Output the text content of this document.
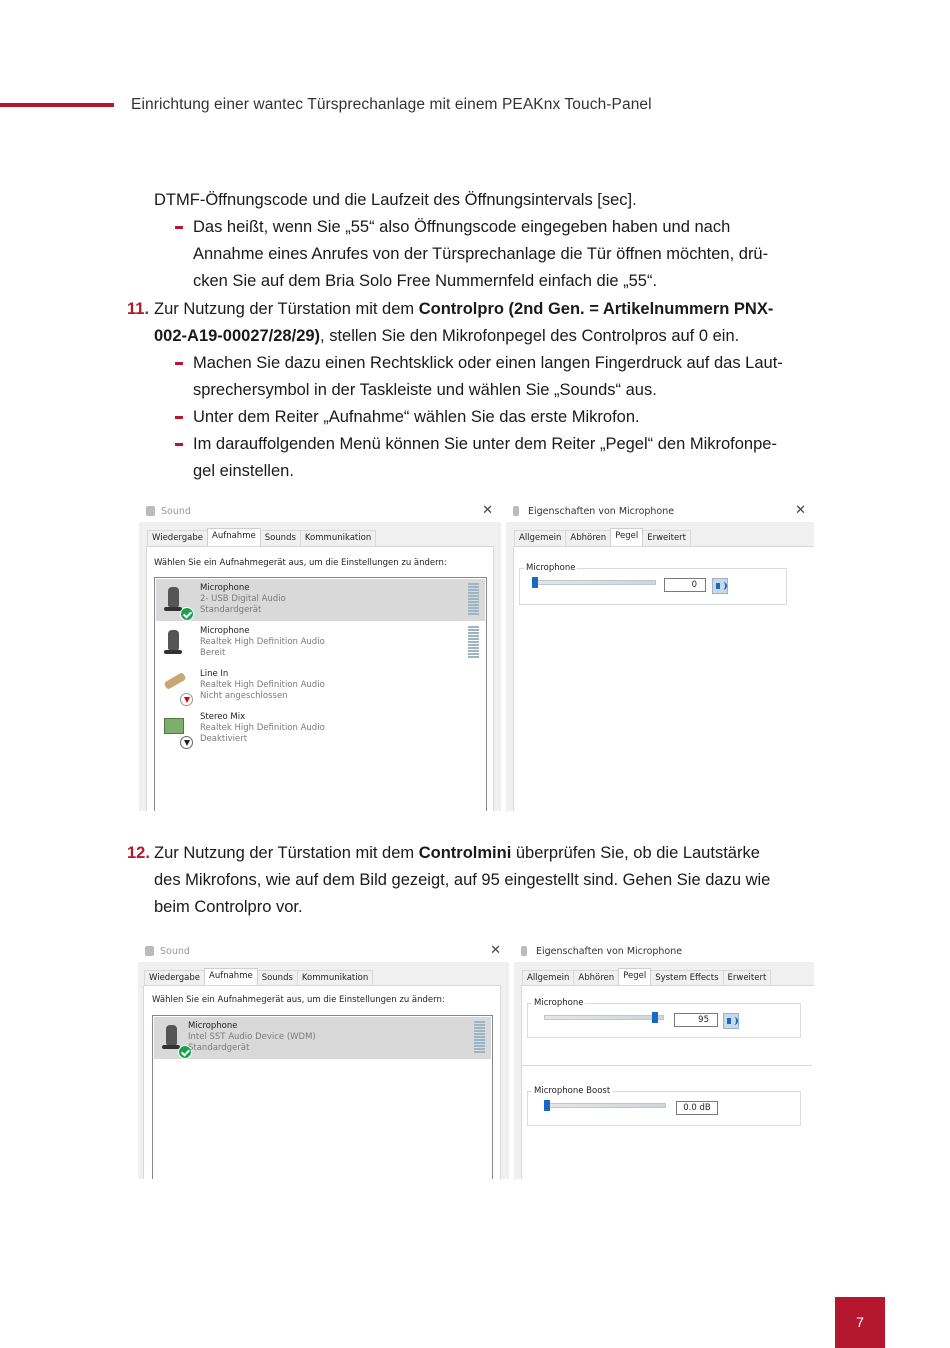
Einrichtung einer wantec Türsprechanlage mit einem PEAKnx Touch-Panel
DTMF-Öffnungscode und die Laufzeit des Öffnungsintervals [sec].
Das heißt, wenn Sie „55“ also Öffnungscode eingegeben haben und nach
Annahme eines Anrufes von der Türsprechanlage die Tür öffnen möchten, drü-
cken Sie auf dem Bria Solo Free Nummernfeld einfach die „55“.
11. Zur Nutzung der Türstation mit dem Controlpro (2nd Gen. = Artikelnummern PNX-
002-A19-00027/28/29), stellen Sie den Mikrofonpegel des Controlpros auf 0 ein.
Machen Sie dazu einen Rechtsklick oder einen langen Fingerdruck auf das Laut-
sprechersymbol in der Taskleiste und wählen Sie „Sounds“ aus.
Unter dem Reiter „Aufnahme“ wählen Sie das erste Mikrofon.
Im darauffolgenden Menü können Sie unter dem Reiter „Pegel“ den Mikrofonpe-
gel einstellen.
Sound	✕
Wiedergabe	Aufnahme	Sounds	Kommunikation
Wählen Sie ein Aufnahmegerät aus, um die Einstellungen zu ändern:
Microphone
2- USB Digital Audio
Standardgerät
Microphone
Realtek High Definition Audio
Bereit
Line In
Realtek High Definition Audio
Nicht angeschlossen
Stereo Mix
Realtek High Definition Audio
Deaktiviert
Eigenschaften von Microphone	✕
Allgemein	Abhören	Pegel	Erweitert
Microphone
0
12. Zur Nutzung der Türstation mit dem Controlmini überprüfen Sie, ob die Lautstärke
des Mikrofons, wie auf dem Bild gezeigt, auf 95 eingestellt sind. Gehen Sie dazu wie
beim Controlpro vor.
Sound	✕
Wiedergabe	Aufnahme	Sounds	Kommunikation
Wählen Sie ein Aufnahmegerät aus, um die Einstellungen zu ändern:
Microphone
Intel SST Audio Device (WDM)
Standardgerät
Eigenschaften von Microphone
Allgemein	Abhören	Pegel	System Effects	Erweitert
Microphone
95
Microphone Boost
0.0 dB
7
